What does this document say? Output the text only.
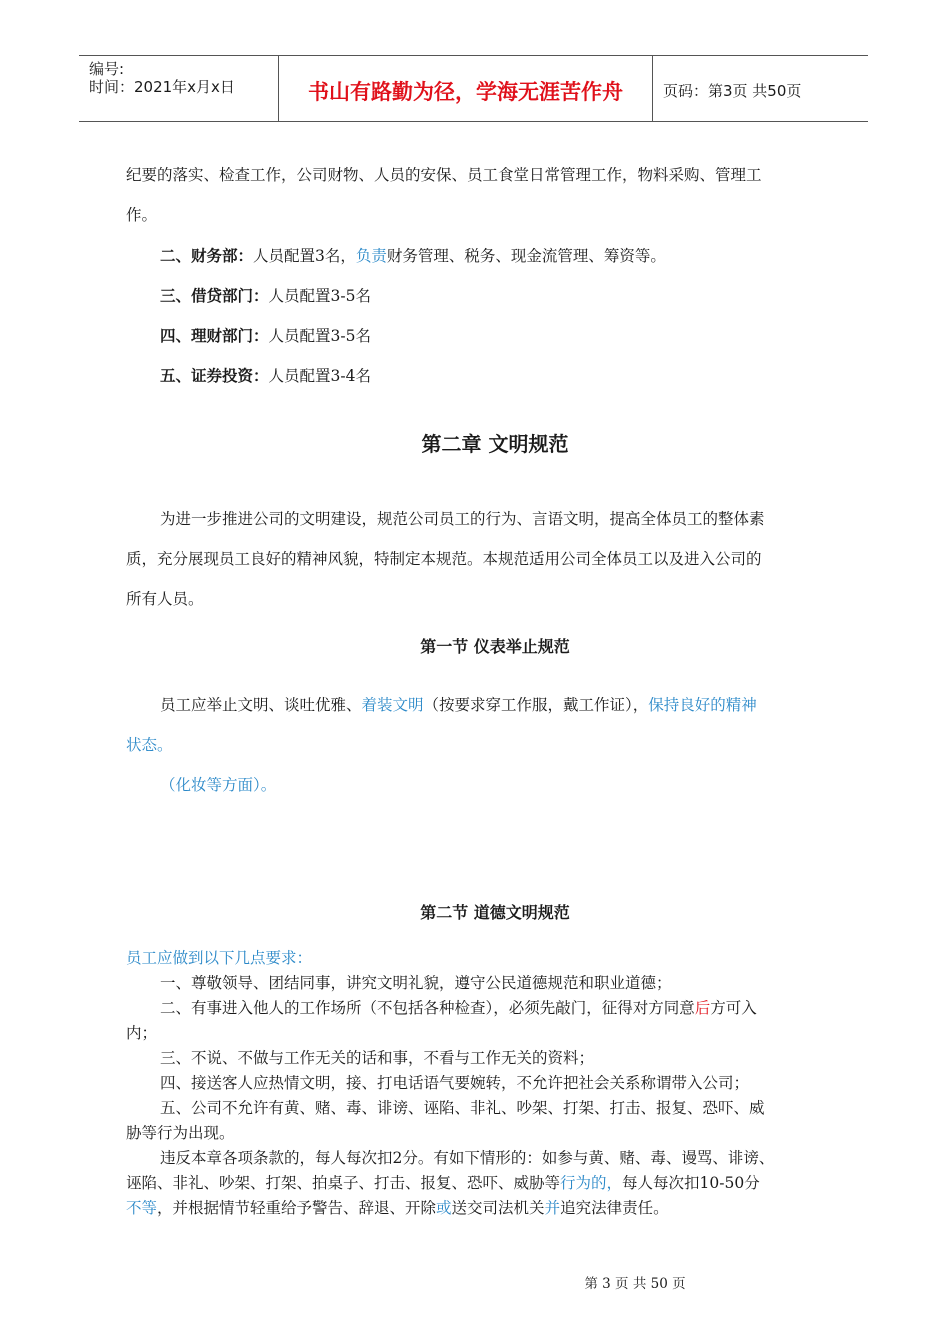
编号:
时间：2021年x月x日	书山有路勤为径，学海无涯苦作舟	页码：第3页 共50页
纪要的落实、检查工作，公司财物、人员的安保、员工食堂日常管理工作，物料采购、管理工
作。
二、财务部：人员配置3名，负责财务管理、税务、现金流管理、筹资等。
三、借贷部门：人员配置3-5名
四、理财部门：人员配置3-5名
五、证券投资：人员配置3-4名
第二章 文明规范
为进一步推进公司的文明建设，规范公司员工的行为、言语文明，提高全体员工的整体素
质，充分展现员工良好的精神风貌，特制定本规范。本规范适用公司全体员工以及进入公司的
所有人员。
第一节 仪表举止规范
员工应举止文明、谈吐优雅、着装文明（按要求穿工作服，戴工作证），保持良好的精神
状态。
（化妆等方面）。
第二节 道德文明规范
员工应做到以下几点要求：
一、尊敬领导、团结同事，讲究文明礼貌，遵守公民道德规范和职业道德；
二、有事进入他人的工作场所（不包括各种检查），必须先敲门，征得对方同意后方可入
内；
三、不说、不做与工作无关的话和事，不看与工作无关的资料；
四、接送客人应热情文明，接、打电话语气要婉转，不允许把社会关系称谓带入公司；
五、公司不允许有黄、赌、毒、诽谤、诬陷、非礼、吵架、打架、打击、报复、恐吓、威
胁等行为出现。
违反本章各项条款的，每人每次扣2分。有如下情形的：如参与黄、赌、毒、谩骂、诽谤、
诬陷、非礼、吵架、打架、拍桌子、打击、报复、恐吓、威胁等行为的，每人每次扣10-50分
不等，并根据情节轻重给予警告、辞退、开除或送交司法机关并追究法律责任。
第 3 页 共 50 页
